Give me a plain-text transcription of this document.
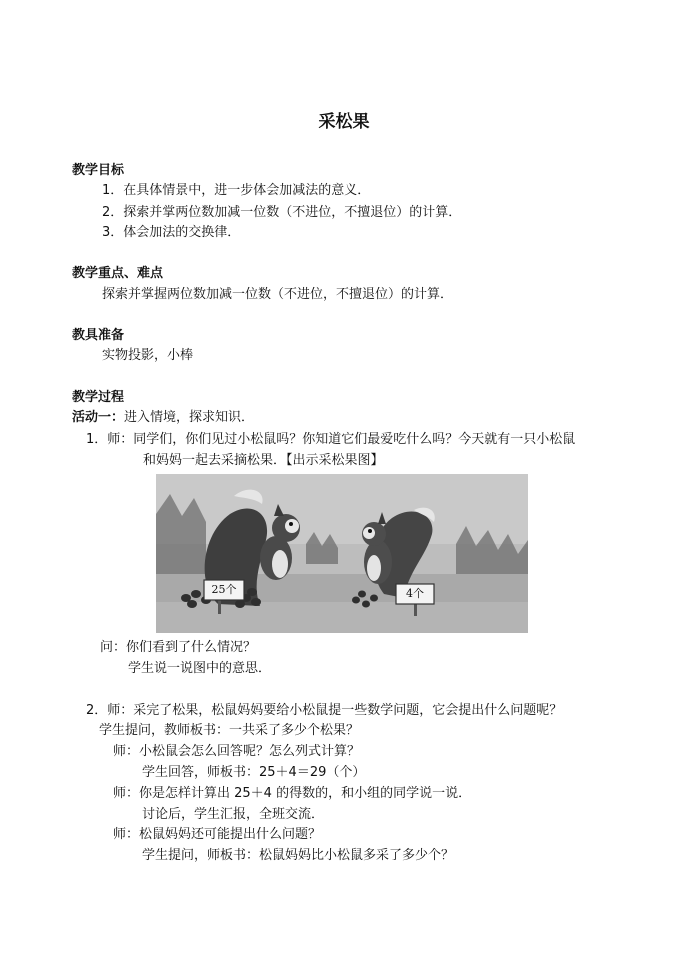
采松果
教学目标
1．在具体情景中，进一步体会加减法的意义．
2．探索并掌两位数加减一位数（不进位，不擅退位）的计算．
3．体会加法的交换律．
教学重点、难点
探索并掌握两位数加减一位数（不进位，不擅退位）的计算．
教具准备
实物投影，小棒
教学过程
活动一：进入情境，探求知识．
1．师：同学们，你们见过小松鼠吗？你知道它们最爱吃什么吗？今天就有一只小松鼠
和妈妈一起去采摘松果．【出示采松果图】
25个	4个
问：你们看到了什么情况？
学生说一说图中的意思．
2．师：采完了松果，松鼠妈妈要给小松鼠提一些数学问题，它会提出什么问题呢？
学生提问，教师板书：一共采了多少个松果？
师：小松鼠会怎么回答呢？怎么列式计算？
学生回答，师板书：25＋4＝29（个）
师：你是怎样计算出 25＋4 的得数的，和小组的同学说一说．
讨论后，学生汇报，全班交流．
师：松鼠妈妈还可能提出什么问题？
学生提问，师板书：松鼠妈妈比小松鼠多采了多少个？
